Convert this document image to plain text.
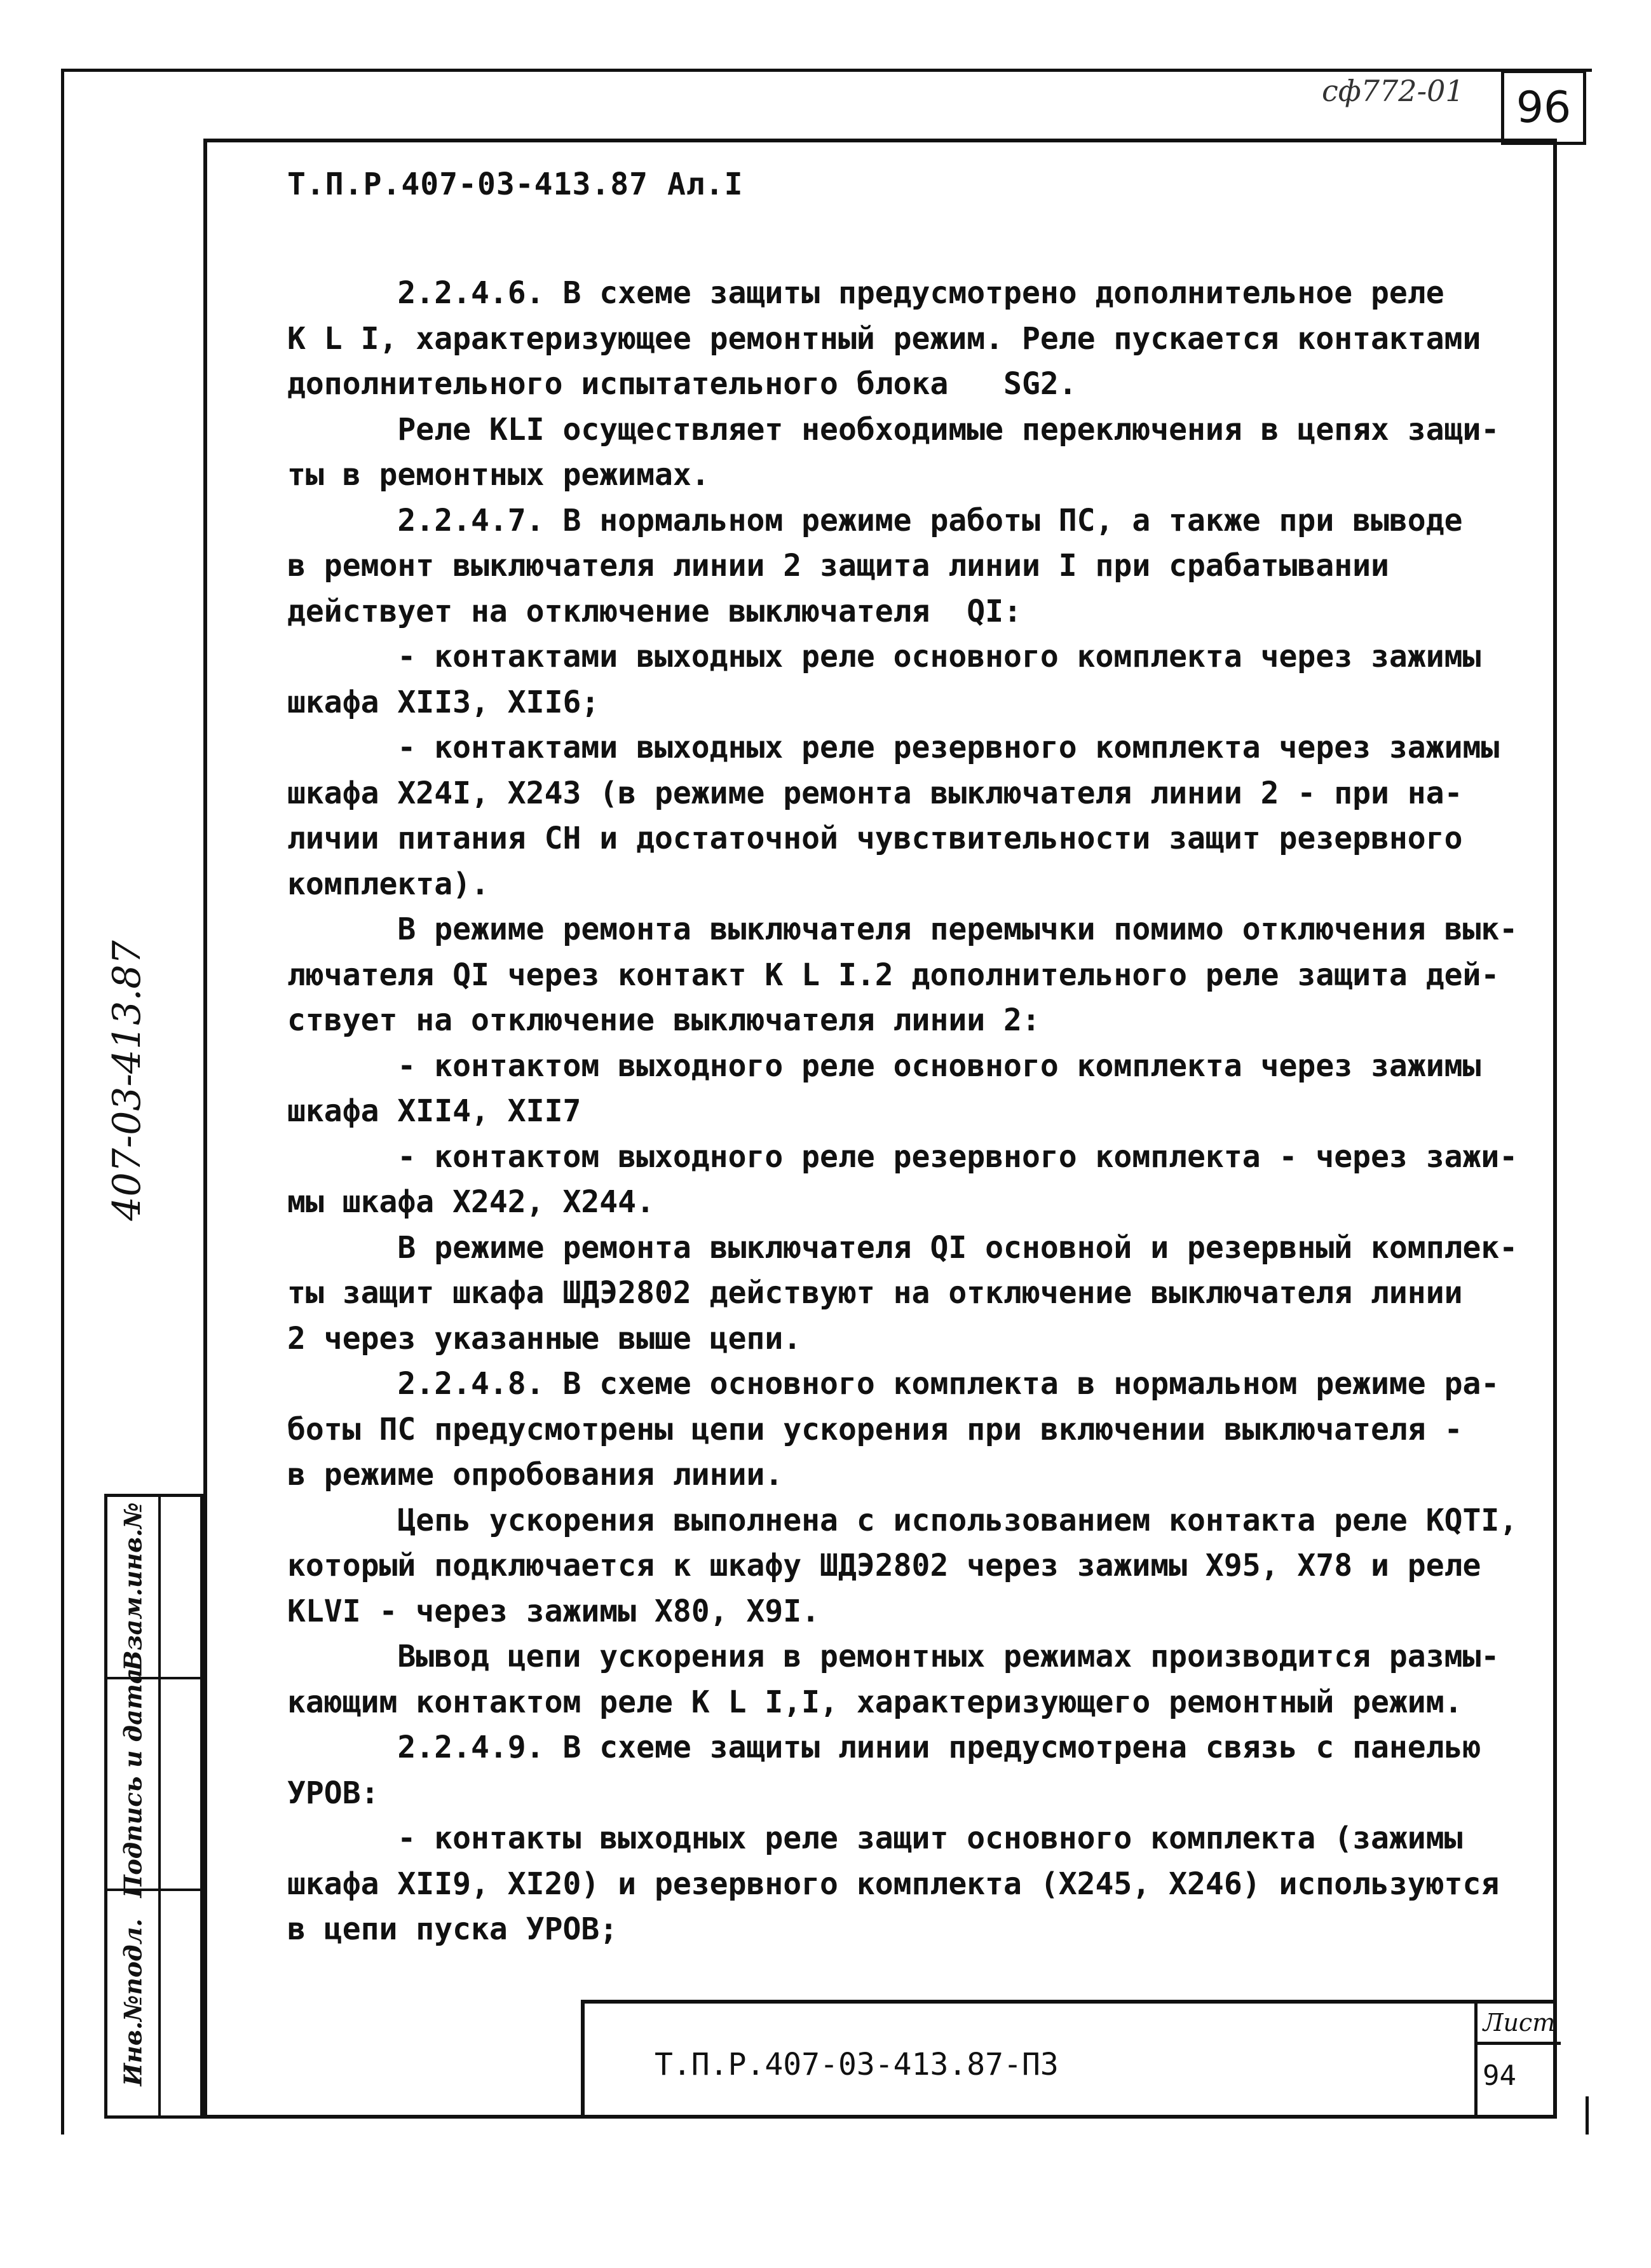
сф772-01	96
Т.П.Р.407-03-413.87 Ал.I
2.2.4.6. В схеме защиты предусмотрено дополнительное реле
К L I, характеризующее ремонтный режим. Реле пускается контактами
дополнительного испытательного блока   SG2.
Реле KLI осуществляет необходимые переключения в цепях защи-
ты в ремонтных режимах.
2.2.4.7. В нормальном режиме работы ПС, а также при выводе
в ремонт выключателя линии 2 защита линии I при срабатывании
действует на отключение выключателя  QI:
- контактами выходных реле основного комплекта через зажимы
шкафа XII3, XII6;
- контактами выходных реле резервного комплекта через зажимы
шкафа X24I, X243 (в режиме ремонта выключателя линии 2 - при на-
личии питания СН и достаточной чувствительности защит резервного
комплекта).
В режиме ремонта выключателя перемычки помимо отключения вык-
лючателя QI через контакт K L I.2 дополнительного реле защита дей-
ствует на отключение выключателя линии 2:
- контактом выходного реле основного комплекта через зажимы
шкафа XII4, XII7
- контактом выходного реле резервного комплекта - через зажи-
мы шкафа X242, X244.
В режиме ремонта выключателя QI основной и резервный комплек-
ты защит шкафа ШДЭ2802 действуют на отключение выключателя линии
2 через указанные выше цепи.
2.2.4.8. В схеме основного комплекта в нормальном режиме ра-
боты ПС предусмотрены цепи ускорения при включении выключателя -
в режиме опробования линии.
Цепь ускорения выполнена с использованием контакта реле KQTI,
который подключается к шкафу ШДЭ2802 через зажимы X95, X78 и реле
KLVI - через зажимы X80, X9I.
Вывод цепи ускорения в ремонтных режимах производится размы-
кающим контактом реле K L I,I, характеризующего ремонтный режим.
2.2.4.9. В схеме защиты линии предусмотрена связь с панелью
УРОВ:
- контакты выходных реле защит основного комплекта (зажимы
шкафа XII9, XI20) и резервного комплекта (X245, X246) используются
в цепи пуска УРОВ;
407-03-413.87
Взам.инв.№
Подпись и дата
Инв.№подл.	Т.П.Р.407-03-413.87-ПЗ
Лист
94
